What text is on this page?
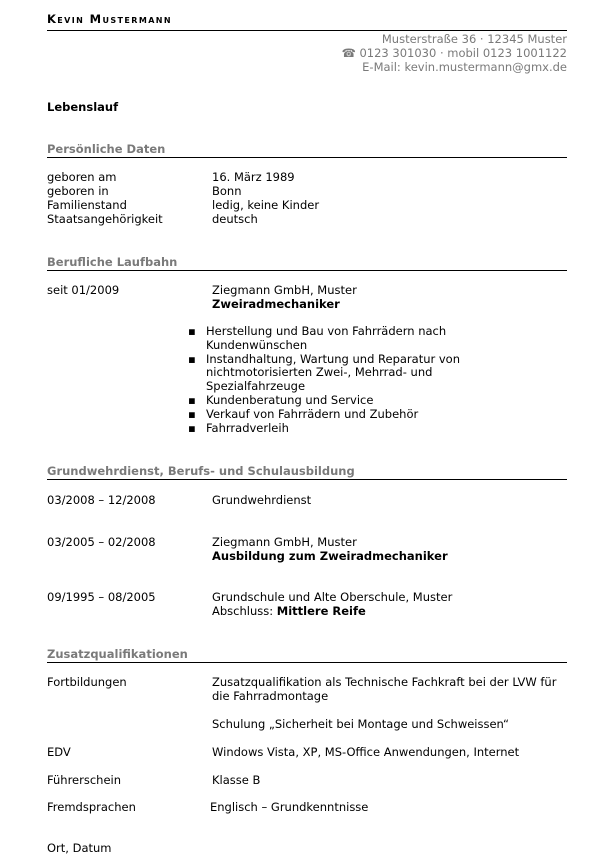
Kevin Mustermann
Musterstraße 36 · 12345 Muster
☎ 0123 301030 · mobil 0123 1001122
E-Mail: kevin.mustermann@gmx.de
Lebenslauf
Persönliche Daten
geboren am	16. März 1989
geboren in	Bonn
Familienstand	ledig, keine Kinder
Staatsangehörigkeit	deutsch
Berufliche Laufbahn
seit 01/2009	Ziegmann GmbH, Muster
Zweiradmechaniker
▪ Herstellung und Bau von Fahrrädern nach Kundenwünschen
▪ Instandhaltung, Wartung und Reparatur von nichtmotorisierten Zwei-, Mehrrad- und Spezialfahrzeuge
▪ Kundenberatung und Service
▪ Verkauf von Fahrrädern und Zubehör
▪ Fahrradverleih
Grundwehrdienst, Berufs- und Schulausbildung
03/2008 – 12/2008	Grundwehrdienst
03/2005 – 02/2008	Ziegmann GmbH, Muster
Ausbildung zum Zweiradmechaniker
09/1995 – 08/2005	Grundschule und Alte Oberschule, Muster
Abschluss: Mittlere Reife
Zusatzqualifikationen
Fortbildungen	Zusatzqualifikation als Technische Fachkraft bei der LVW für die Fahrradmontage
Schulung „Sicherheit bei Montage und Schweissen“
EDV	Windows Vista, XP, MS-Office Anwendungen, Internet
Führerschein	Klasse B
Fremdsprachen	Englisch – Grundkenntnisse
Ort, Datum
